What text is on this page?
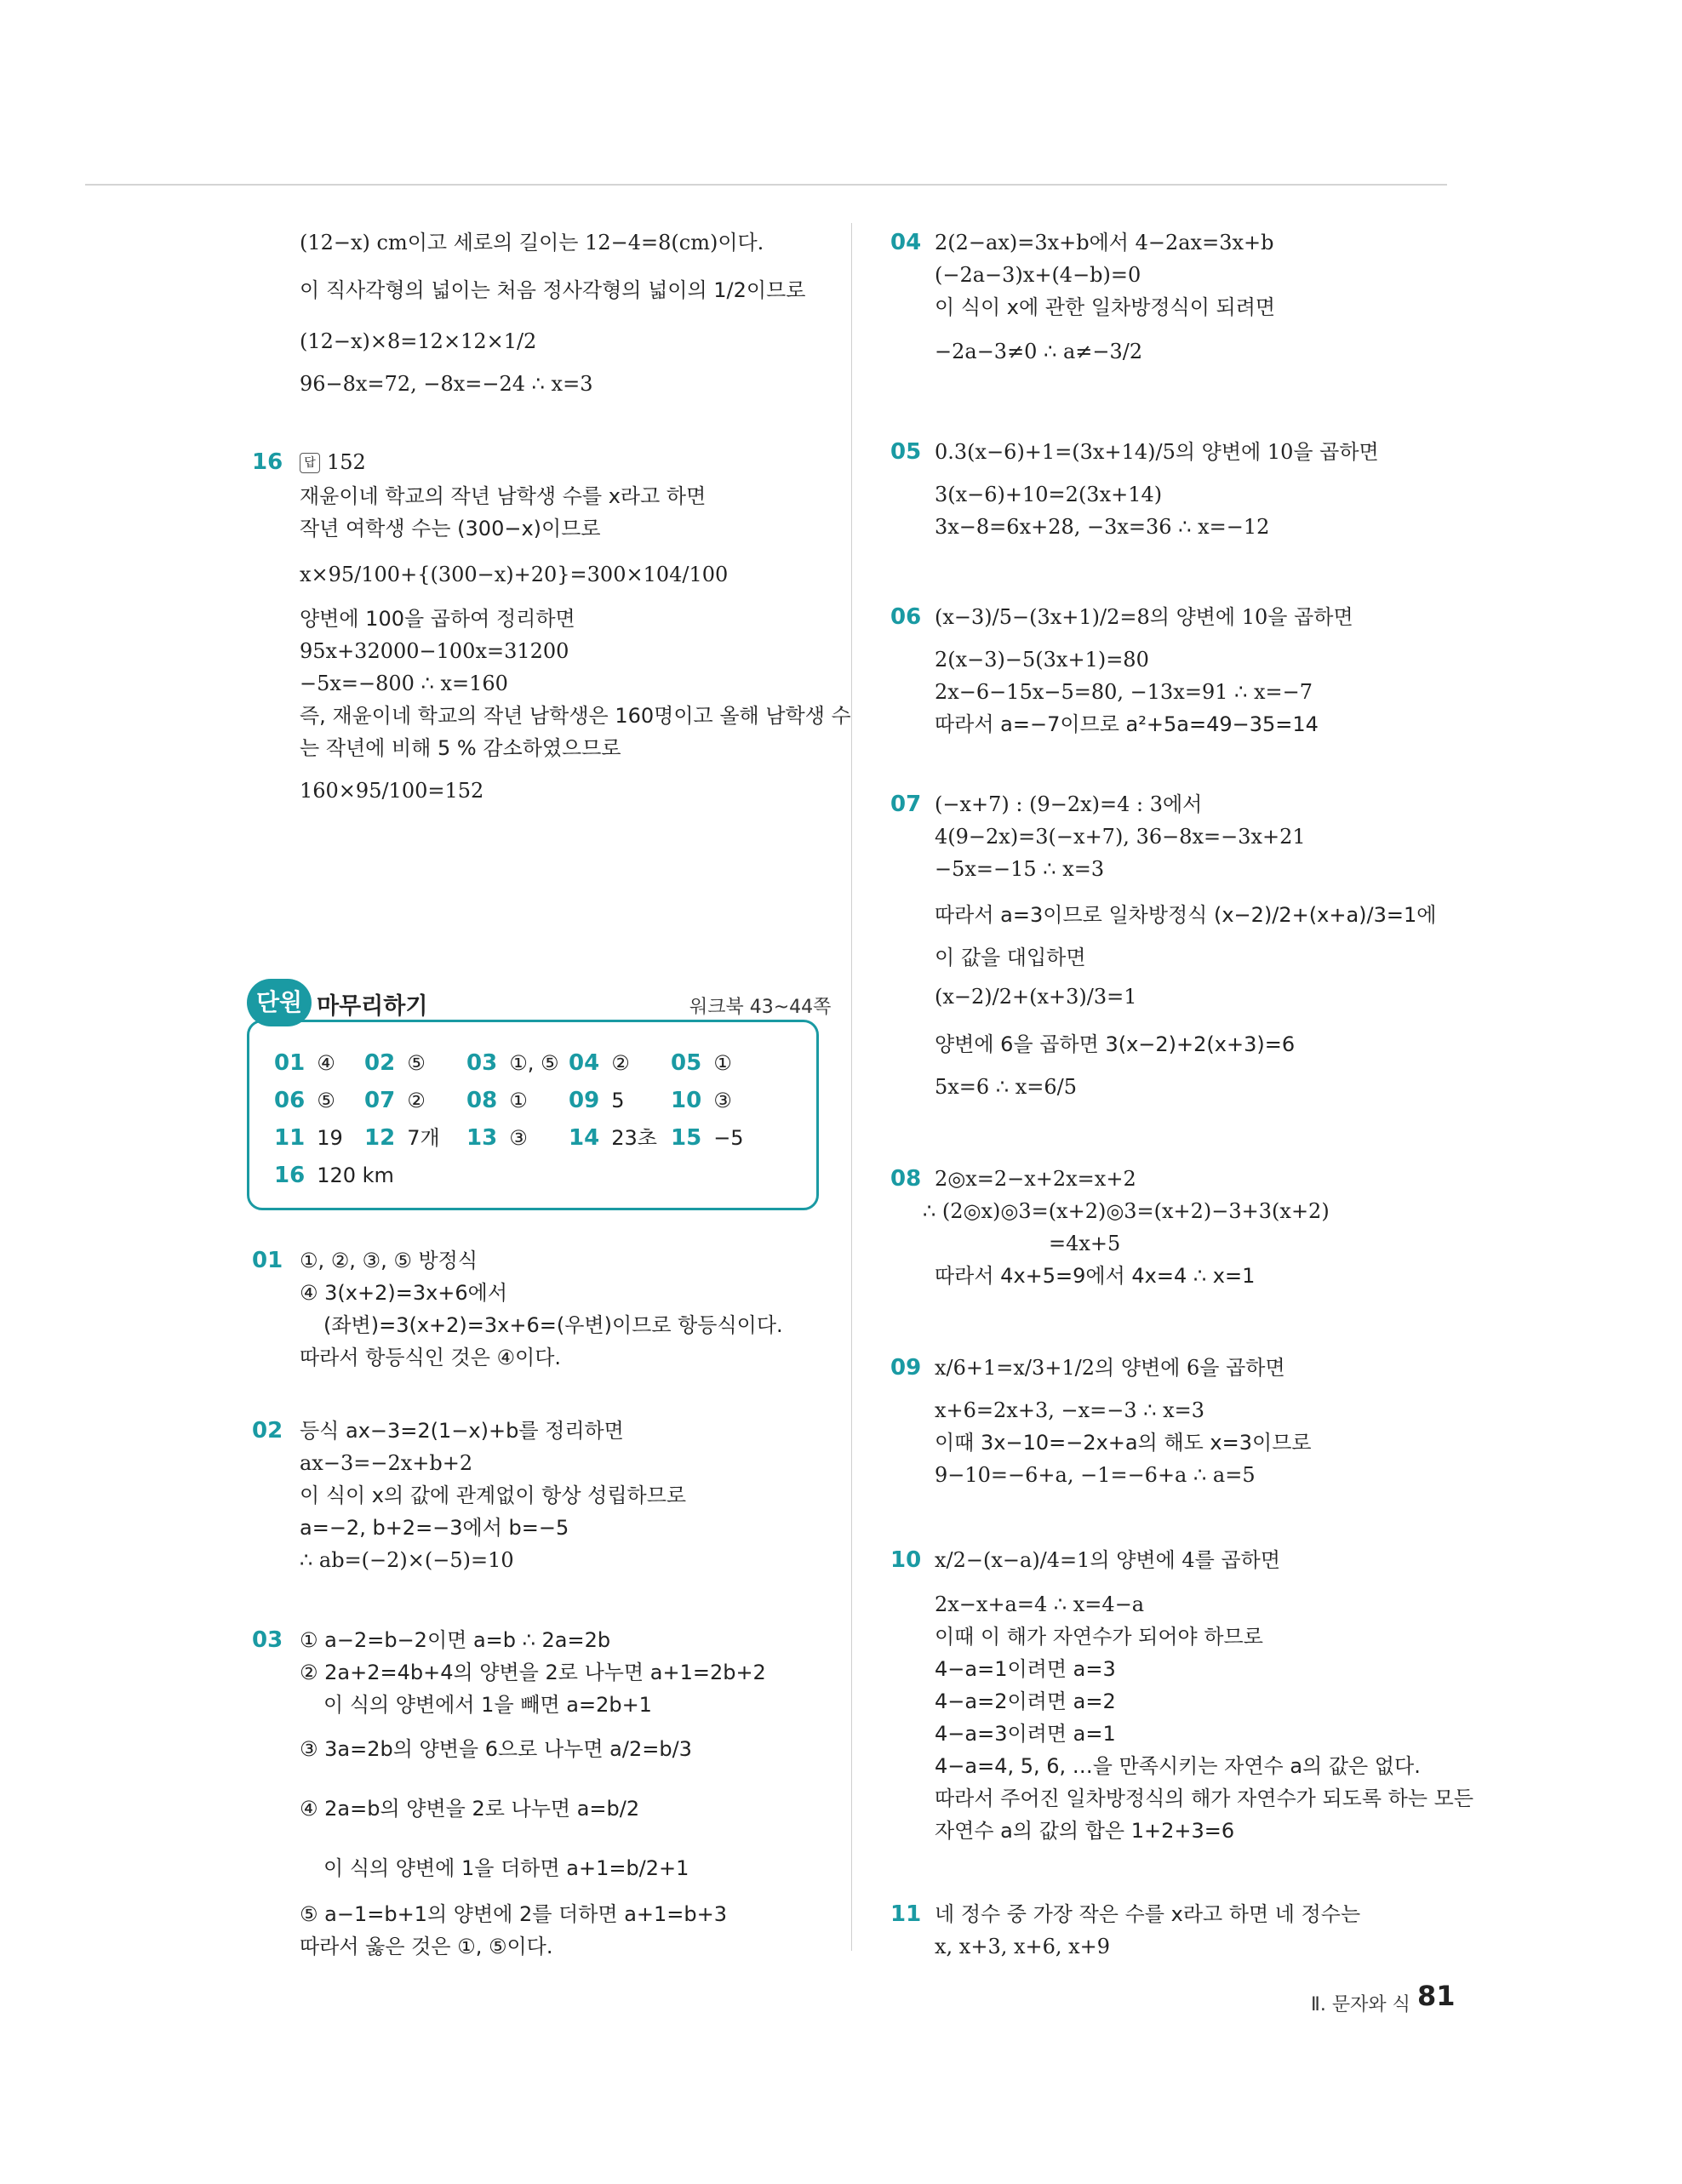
(12−x) cm이고 세로의 길이는 12−4=8(cm)이다.
이 직사각형의 넓이는 처음 정사각형의 넓이의 1/2이므로
(12−x)×8=12×12×1/2
96−8x=72, −8x=−24 ∴ x=3
16	답 152
재윤이네 학교의 작년 남학생 수를 x라고 하면
작년 여학생 수는 (300−x)이므로
x×95/100+{(300−x)+20}=300×104/100
양변에 100을 곱하여 정리하면
95x+32000−100x=31200
−5x=−800 ∴ x=160
즉, 재윤이네 학교의 작년 남학생은 160명이고 올해 남학생 수
는 작년에 비해 5 % 감소하였으므로
160×95/100=152
단원 마무리하기	워크북 43~44쪽
01 ④ 02 ⑤ 03 ①, ⑤ 04 ② 05 ①
06 ⑤ 07 ② 08 ① 09 5 10 ③
11 19 12 7개 13 ③ 14 23초 15 −5
16 120 km
01 ①, ②, ③, ⑤ 방정식
④ 3(x+2)=3x+6에서
(좌변)=3(x+2)=3x+6=(우변)이므로 항등식이다.
따라서 항등식인 것은 ④이다.
02 등식 ax−3=2(1−x)+b를 정리하면
ax−3=−2x+b+2
이 식이 x의 값에 관계없이 항상 성립하므로
a=−2, b+2=−3에서 b=−5
∴ ab=(−2)×(−5)=10
03 ① a−2=b−2이면 a=b ∴ 2a=2b
② 2a+2=4b+4의 양변을 2로 나누면 a+1=2b+2
이 식의 양변에서 1을 빼면 a=2b+1
③ 3a=2b의 양변을 6으로 나누면 a/2=b/3
④ 2a=b의 양변을 2로 나누면 a=b/2
이 식의 양변에 1을 더하면 a+1=b/2+1
⑤ a−1=b+1의 양변에 2를 더하면 a+1=b+3
따라서 옳은 것은 ①, ⑤이다.
04 2(2−ax)=3x+b에서 4−2ax=3x+b
(−2a−3)x+(4−b)=0
이 식이 x에 관한 일차방정식이 되려면
−2a−3≠0 ∴ a≠−3/2
05 0.3(x−6)+1=(3x+14)/5의 양변에 10을 곱하면
3(x−6)+10=2(3x+14)
3x−8=6x+28, −3x=36 ∴ x=−12
06 (x−3)/5−(3x+1)/2=8의 양변에 10을 곱하면
2(x−3)−5(3x+1)=80
2x−6−15x−5=80, −13x=91 ∴ x=−7
따라서 a=−7이므로 a²+5a=49−35=14
07 (−x+7) : (9−2x)=4 : 3에서
4(9−2x)=3(−x+7), 36−8x=−3x+21
−5x=−15 ∴ x=3
따라서 a=3이므로 일차방정식 (x−2)/2+(x+a)/3=1에
이 값을 대입하면
(x−2)/2+(x+3)/3=1
양변에 6을 곱하면 3(x−2)+2(x+3)=6
5x=6 ∴ x=6/5
08 2◎x=2−x+2x=x+2
∴ (2◎x)◎3=(x+2)◎3=(x+2)−3+3(x+2)
=4x+5
따라서 4x+5=9에서 4x=4 ∴ x=1
09 x/6+1=x/3+1/2의 양변에 6을 곱하면
x+6=2x+3, −x=−3 ∴ x=3
이때 3x−10=−2x+a의 해도 x=3이므로
9−10=−6+a, −1=−6+a ∴ a=5
10 x/2−(x−a)/4=1의 양변에 4를 곱하면
2x−x+a=4 ∴ x=4−a
이때 이 해가 자연수가 되어야 하므로
4−a=1이려면 a=3
4−a=2이려면 a=2
4−a=3이려면 a=1
4−a=4, 5, 6, …을 만족시키는 자연수 a의 값은 없다.
따라서 주어진 일차방정식의 해가 자연수가 되도록 하는 모든
자연수 a의 값의 합은 1+2+3=6
11 네 정수 중 가장 작은 수를 x라고 하면 네 정수는
x, x+3, x+6, x+9
Ⅱ. 문자와 식 81
